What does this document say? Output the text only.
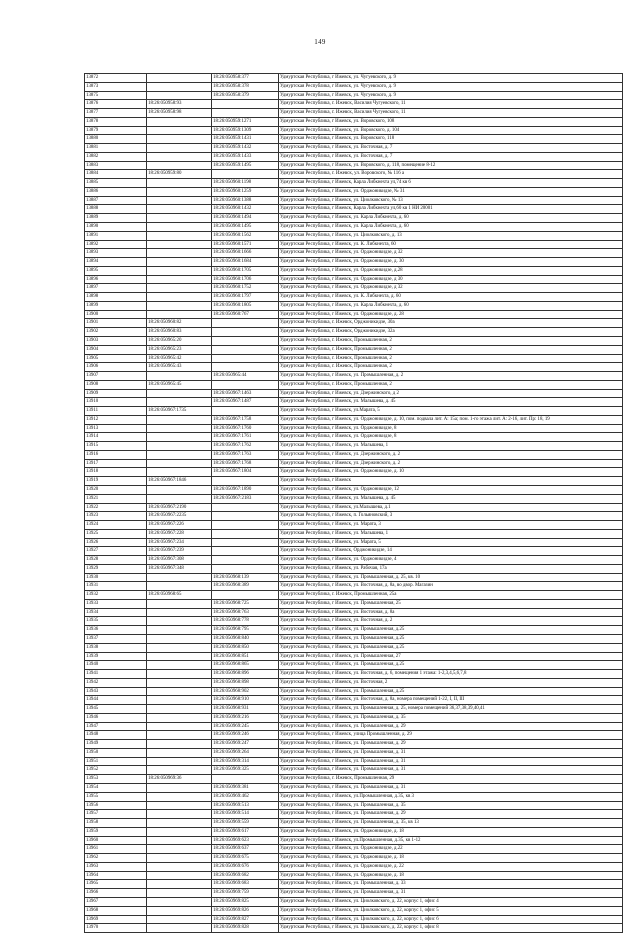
149
13872		18:26:050958:377	Удмуртская Республика, г Ижевск, ул. Чугуевского, д. 9
13873		18:26:050958:378	Удмуртская Республика, г Ижевск, ул. Чугуевского, д. 9
13875		18:26:050958:379	Удмуртская Республика, г Ижевск, ул. Чугуевского, д. 9
13876	18:26:050958:93		Удмуртская Республика, г. Ижевск, Василия Чугуевского, 11
13877	18:26:050958:98		Удмуртская Республика, г. Ижевск, Василия Чугуевского, 11
13878		18:26:050959:1271	Удмуртская Республика, г Ижевск, ул. Воровского, 108
13879		18:26:050959:1309	Удмуртская Республика, г Ижевск, ул. Воровского, д. 104
13880		18:26:050959:1431	Удмуртская Республика, г Ижевск, ул. Воровского, 118
13881		18:26:050959:1432	Удмуртская Республика, г Ижевск, ул. Восточная, д. 7
13882		18:26:050959:1433	Удмуртская Республика, г Ижевск, ул. Восточная, д. 7
13883		18:26:050959:1495	Удмуртская Республика, г Ижевск, ул. Воровского, д. 118, помещение 8-12
13884	18:26:050959:80		Удмуртская Республика, г. Ижевск, ул. Воровского, № 116 а
13885		18:26:050960:1198	Удмуртская Республика, г Ижевск, Карла Либкнехта ул,74 кв 6
13886		18:26:050960:1259	Удмуртская Республика, г Ижевск, ул. Орджоникидзе, № 31
13887		18:26:050960:1388	Удмуртская Республика, г Ижевск, ул. Циолковского, № 13
13888		18:26:050960:1432	Удмуртская Республика, г Ижевск, Карла Либкнехта ул,60 кв 1 НИ 20001
13889		18:26:050960:1494	Удмуртская Республика, г Ижевск, ул. Карла Либкнехта, д. 60
13890		18:26:050960:1495	Удмуртская Республика, г Ижевск, ул. Карла Либкнехта, д. 60
13891		18:26:050960:1562	Удмуртская Республика, г Ижевск, ул. Циолковского, д. 13
13892		18:26:050960:1571	Удмуртская Республика, г Ижевск, ул. К. Либкнехта, 60
13893		18:26:050960:1666	Удмуртская Республика, г Ижевск, ул. Орджоникидзе, д 32
13894		18:26:050960:1684	Удмуртская Республика, г Ижевск, ул. Орджоникидзе, д. 30
13895		18:26:050960:1705	Удмуртская Республика, г Ижевск, ул. Орджоникидзе, д.28
13896		18:26:050960:1706	Удмуртская Республика, г Ижевск, ул. Орджоникидзе, д 30
13897		18:26:050960:1752	Удмуртская Республика, г Ижевск, ул. Орджоникидзе, д 32
13898		18:26:050960:1797	Удмуртская Республика, г Ижевск, ул. К. Либкнехта, д. 60
13899		18:26:050960:1805	Удмуртская Республика, г Ижевск, ул. Карла Либкнехта, д. 60
13900		18:26:050960:767	Удмуртская Республика, г Ижевск, ул. Орджоникидзе, д. 28
13901	18:26:050960:82		Удмуртская Республика, г. Ижевск, Орджоникидзе, 30а
13902	18:26:050960:83		Удмуртская Республика, г. Ижевск, Орджоникидзе, 32а
13903	18:26:050965:20		Удмуртская Республика, г. Ижевск, Промышленная, 2
13904	18:26:050965:23		Удмуртская Республика, г. Ижевск, Промышленная, 2
13905	18:26:050965:42		Удмуртская Республика, г. Ижевск, Промышленная, 2
13906	18:26:050965:43		Удмуртская Республика, г. Ижевск, Промышленная, 2
13907		18:26:050965:44	Удмуртская Республика, г Ижевск, ул. Промышленная, д. 2
13908	18:26:050965:45		Удмуртская Республика, г. Ижевск, Промышленная, 2
13909		18:26:050967:1463	Удмуртская Республика, г Ижевск, ул. Дзержинского, д 2
13910		18:26:050967:1487	Удмуртская Республика, г Ижевск, ул. Малышева, д. 45
13911	18:26:050967:1735		Удмуртская Республика, г Ижевск, ул.Марата, 5
13912		18:26:050967:1758	Удмуртская Республика, г Ижевск, ул. Орджоникидзе, д. 10, пом. подвала лит. А: 15а; пом. 1-го этажа лит. А: 2-16, лит. Пр: 18, 19
13913		18:26:050967:1760	Удмуртская Республика, г Ижевск, ул. Орджоникидзе, 8
13914		18:26:050967:1761	Удмуртская Республика, г Ижевск, ул. Орджоникидзе, 8
13915		18:26:050967:1762	Удмуртская Республика, г Ижевск, ул. Малышева, 1
13916		18:26:050967:1763	Удмуртская Республика, г Ижевск, ул. Дзержинского, д. 2
13917		18:26:050967:1768	Удмуртская Республика, г Ижевск, ул. Дзержинского, д. 2
13918		18:26:050967:1804	Удмуртская Республика, г Ижевск, ул. Орджоникидзе, д. 10
13919	18:26:050967:1846		Удмуртская Республика, г Ижевск
13920		18:26:050967:1890	Удмуртская Республика, г Ижевск, ул. Орджоникидзе, 12
13921		18:26:050967:2183	Удмуртская Республика, г Ижевск, ул. Малышева, д. 45
13922	18:26:050967:2190		Удмуртская Республика, г Ижевск, ул.Малышева, д.1
13923	18:26:050967:2235		Удмуртская Республика, г Ижевск, п. Гольяновский, 3
13924	18:26:050967:226		Удмуртская Республика, г Ижевск, ул. Марата, 3
13925	18:26:050967:228		Удмуртская Республика, г Ижевск, ул. Малышева, 1
13926	18:26:050967:234		Удмуртская Республика, г Ижевск, ул. Марата, 5
13927	18:26:050967:239		Удмуртская Республика, г Ижевск, Орджоникидзе, 14
13928	18:26:050967:308		Удмуртская Республика, г Ижевск, ул. Орджоникидзе, 4
13929	18:26:050967:348		Удмуртская Республика, г Ижевск, ул. Рабочая, 17а
13930		18:26:050968:139	Удмуртская Республика, г Ижевск, ул. Промышленная, д. 25, кв. 10
13931		18:26:050968:389	Удмуртская Республика, г Ижевск, ул. Восточная, д. 8а, во двор. Магазин
13932	18:26:050968:65		Удмуртская Республика, г. Ижевск, Промышленная, 25а
13933		18:26:050968:725	Удмуртская Республика, г Ижевск, ул. Промышленная, 25
13934		18:26:050968:763	Удмуртская Республика, г Ижевск, ул. Восточная, д. 8а
13935		18:26:050968:778	Удмуртская Республика, г Ижевск, ул. Восточная, д. 2
13936		18:26:050968:795	Удмуртская Республика, г Ижевск, ул. Промышленная, д.25
13937		18:26:050968:840	Удмуртская Республика, г Ижевск, ул. Промышленная, д.25
13938		18:26:050968:850	Удмуртская Республика, г Ижевск, ул. Промышленная, д.25
13939		18:26:050968:851	Удмуртская Республика, г Ижевск, ул. Промышленная, 27
13940		18:26:050968:865	Удмуртская Республика, г Ижевск, ул. Промышленная, д.25
13941		18:26:050968:896	Удмуртская Республика, г Ижевск, ул. Восточная, д. 6, помещения 1 этажа: 1-2,3,4,5,6,7,8
13942		18:26:050968:898	Удмуртская Республика, г Ижевск, ул. Восточная, 2
13943		18:26:050968:902	Удмуртская Республика, г Ижевск, ул. Промышленная, д.25
13944		18:26:050968:910	Удмуртская Республика, г Ижевск, ул. Восточная, д. 8а, номера помещений 1-22, I, II, III
13945		18:26:050968:931	Удмуртская Республика, г Ижевск, ул. Промышленная, д. 25, номера помещений 36,37,38,39,40,41
13946		18:26:050969:216	Удмуртская Республика, г Ижевск, ул. Промышленная, д. 35
13947		18:26:050969:245	Удмуртская Республика, г Ижевск, ул. Промышленная, д. 29
13948		18:26:050969:246	Удмуртская Республика, г Ижевск, улица Промышленная, д. 29
13949		18:26:050969:247	Удмуртская Республика, г Ижевск, ул. Промышленная, д. 29
13950		18:26:050969:264	Удмуртская Республика, г Ижевск, ул. Промышленная, д. 31
13951		18:26:050969:314	Удмуртская Республика, г Ижевск, ул. Промышленная, д. 31
13952		18:26:050969:325	Удмуртская Республика, г Ижевск, ул. Промышленная, д. 31
13953	18:26:050969:36		Удмуртская Республика, г. Ижевск, Промышленная, 29
13954		18:26:050969:381	Удмуртская Республика, г Ижевск, ул. Промышленная, д. 31
13955		18:26:050969:462	Удмуртская Республика, г Ижевск, ул.Промышленная, д.35, кв 3
13956		18:26:050969:513	Удмуртская Республика, г Ижевск, ул. Промышленная, д. 35
13957		18:26:050969:514	Удмуртская Республика, г Ижевск, ул. Промышленная, д. 29
13958		18:26:050969:559	Удмуртская Республика, г Ижевск, ул. Промышленная, д. 35, кв 13
13959		18:26:050969:617	Удмуртская Республика, г Ижевск, ул. Орджоникидзе, д. 18
13960		18:26:050969:623	Удмуртская Республика, г Ижевск, ул.Промышленная, д.35, кв 1-12
13961		18:26:050969:637	Удмуртская Республика, г Ижевск, ул. Орджоникидзе, д.22
13962		18:26:050969:675	Удмуртская Республика, г Ижевск, ул. Орджоникидзе, д. 18
13963		18:26:050969:676	Удмуртская Республика, г Ижевск, ул. Орджоникидзе, д. 22
13964		18:26:050969:682	Удмуртская Республика, г Ижевск, ул. Орджоникидзе, д. 18
13965		18:26:050969:683	Удмуртская Республика, г Ижевск, ул. Промышленная, д. 33
13966		18:26:050969:759	Удмуртская Республика, г Ижевск, ул. Промышленная, д. 31
13967		18:26:050969:825	Удмуртская Республика, г Ижевск, ул. Циолковского, д. 22, корпус 1, офис 4
13968		18:26:050969:826	Удмуртская Республика, г Ижевск, ул. Циолковского, д. 22, корпус 1, офис 5
13969		18:26:050969:827	Удмуртская Республика, г Ижевск, ул. Циолковского, д. 22, корпус 1, офис 6
13970		18:26:050969:828	Удмуртская Республика, г Ижевск, ул. Циолковского, д. 22, корпус 1, офис 8
